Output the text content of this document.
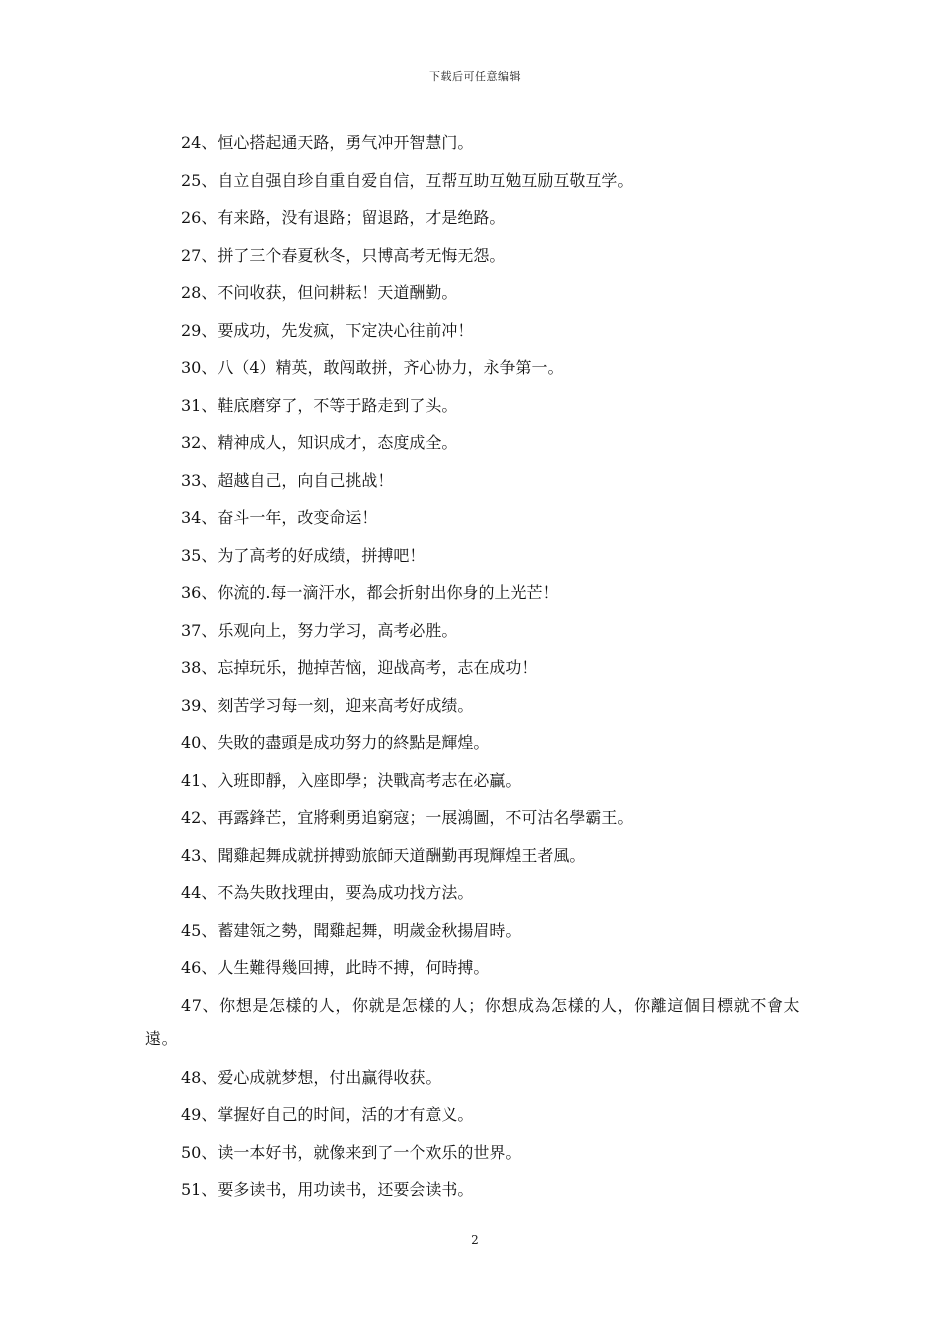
下载后可任意编辑
24、恒心搭起通天路，勇气冲开智慧门。
25、自立自强自珍自重自爱自信，互帮互助互勉互励互敬互学。
26、有来路，没有退路；留退路，才是绝路。
27、拼了三个春夏秋冬，只博高考无悔无怨。
28、不问收获，但问耕耘！天道酬勤。
29、要成功，先发疯，下定决心往前冲！
30、八（4）精英，敢闯敢拼，齐心协力，永争第一。
31、鞋底磨穿了，不等于路走到了头。
32、精神成人，知识成才，态度成全。
33、超越自己，向自己挑战！
34、奋斗一年，改变命运！
35、为了高考的好成绩，拼搏吧！
36、你流的.每一滴汗水，都会折射出你身的上光芒！
37、乐观向上，努力学习，高考必胜。
38、忘掉玩乐，抛掉苦恼，迎战高考，志在成功！
39、刻苦学习每一刻，迎来高考好成绩。
40、失敗的盡頭是成功努力的終點是輝煌。
41、入班即靜，入座即學；決戰高考志在必贏。
42、再露鋒芒，宜將剩勇追窮寇；一展鴻圖，不可沽名學霸王。
43、聞雞起舞成就拼搏勁旅師天道酬勤再現輝煌王者風。
44、不為失敗找理由，要為成功找方法。
45、蓄建瓴之勢，聞雞起舞，明歲金秋揚眉時。
46、人生難得幾回搏，此時不搏，何時搏。
47、你想是怎樣的人，你就是怎樣的人；你想成為怎樣的人，你離這個目標就不會太遠。
48、爱心成就梦想，付出赢得收获。
49、掌握好自己的时间，活的才有意义。
50、读一本好书，就像来到了一个欢乐的世界。
51、要多读书，用功读书，还要会读书。
2
